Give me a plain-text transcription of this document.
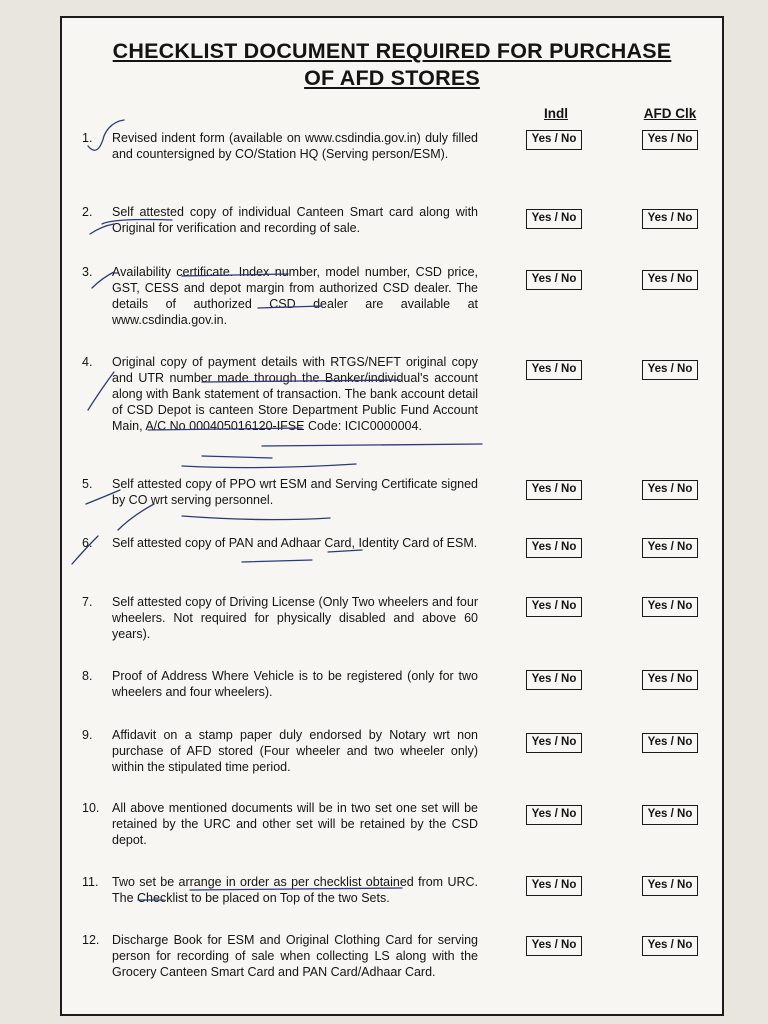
CHECKLIST DOCUMENT REQUIRED FOR PURCHASE
OF AFD STORES
Indl	AFD Clk
1. Revised indent form (available on www.csdindia.gov.in) duly filled and countersigned by CO/Station HQ (Serving person/ESM).
Yes / No	Yes / No
2. Self attested copy of individual Canteen Smart card along with Original for verification and recording of sale.
Yes / No	Yes / No
3. Availability certificate. Index number, model number, CSD price, GST, CESS and depot margin from authorized CSD dealer. The details of authorized CSD dealer are available at www.csdindia.gov.in.
Yes / No	Yes / No
4. Original copy of payment details with RTGS/NEFT original copy and UTR number made through the Banker/individual's account along with Bank statement of transaction. The bank account detail of CSD Depot is canteen Store Department Public Fund Account Main, A/C No 000405016120-IFSE Code: ICIC0000004.
Yes / No	Yes / No
5. Self attested copy of PPO wrt ESM and Serving Certificate signed by CO wrt serving personnel.
Yes / No	Yes / No
6. Self attested copy of PAN and Adhaar Card, Identity Card of ESM.	Yes / No	Yes / No
7. Self attested copy of Driving License (Only Two wheelers and four wheelers. Not required for physically disabled and above 60 years).
Yes / No	Yes / No
8. Proof of Address Where Vehicle is to be registered (only for two wheelers and four wheelers).
Yes / No	Yes / No
9. Affidavit on a stamp paper duly endorsed by Notary wrt non purchase of AFD stored (Four wheeler and two wheeler only) within the stipulated time period.
Yes / No	Yes / No
10. All above mentioned documents will be in two set one set will be retained by the URC and other set will be retained by the CSD depot.
Yes / No	Yes / No
11. Two set be arrange in order as per checklist obtained from URC. The Checklist to be placed on Top of the two Sets.
Yes / No	Yes / No
12. Discharge Book for ESM and Original Clothing Card for serving person for recording of sale when collecting LS along with the Grocery Canteen Smart Card and PAN Card/Adhaar Card.
Yes / No	Yes / No
